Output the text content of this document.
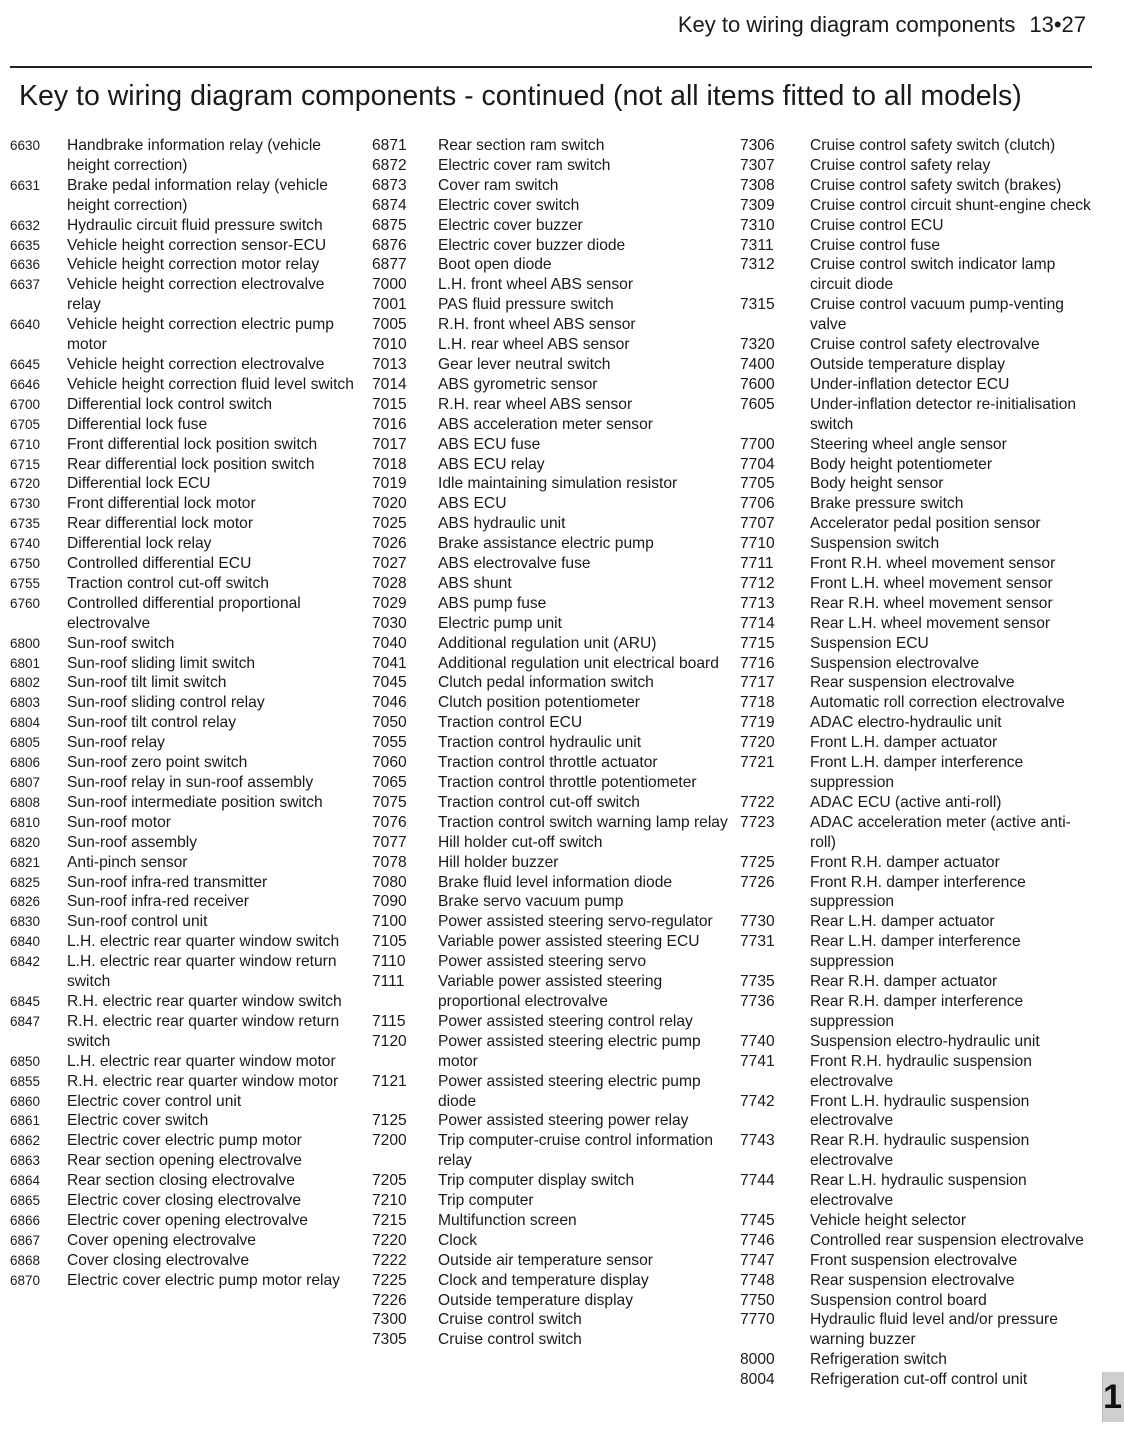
Key to wiring diagram components 13•27
Key to wiring diagram components - continued (not all items fitted to all models)
6630	Handbrake information relay (vehicle height correction)
6631	Brake pedal information relay (vehicle height correction)
6632	Hydraulic circuit fluid pressure switch
6635	Vehicle height correction sensor-ECU
6636	Vehicle height correction motor relay
6637	Vehicle height correction electrovalve relay
6640	Vehicle height correction electric pump motor
6645	Vehicle height correction electrovalve
6646	Vehicle height correction fluid level switch
6700	Differential lock control switch
6705	Differential lock fuse
6710	Front differential lock position switch
6715	Rear differential lock position switch
6720	Differential lock ECU
6730	Front differential lock motor
6735	Rear differential lock motor
6740	Differential lock relay
6750	Controlled differential ECU
6755	Traction control cut-off switch
6760	Controlled differential proportional electrovalve
6800	Sun-roof switch
6801	Sun-roof sliding limit switch
6802	Sun-roof tilt limit switch
6803	Sun-roof sliding control relay
6804	Sun-roof tilt control relay
6805	Sun-roof relay
6806	Sun-roof zero point switch
6807	Sun-roof relay in sun-roof assembly
6808	Sun-roof intermediate position switch
6810	Sun-roof motor
6820	Sun-roof assembly
6821	Anti-pinch sensor
6825	Sun-roof infra-red transmitter
6826	Sun-roof infra-red receiver
6830	Sun-roof control unit
6840	L.H. electric rear quarter window switch
6842	L.H. electric rear quarter window return switch
6845	R.H. electric rear quarter window switch
6847	R.H. electric rear quarter window return switch
6850	L.H. electric rear quarter window motor
6855	R.H. electric rear quarter window motor
6860	Electric cover control unit
6861	Electric cover switch
6862	Electric cover electric pump motor
6863	Rear section opening electrovalve
6864	Rear section closing electrovalve
6865	Electric cover closing electrovalve
6866	Electric cover opening electrovalve
6867	Cover opening electrovalve
6868	Cover closing electrovalve
6870	Electric cover electric pump motor relay
6871	Rear section ram switch
6872	Electric cover ram switch
6873	Cover ram switch
6874	Electric cover switch
6875	Electric cover buzzer
6876	Electric cover buzzer diode
6877	Boot open diode
7000	L.H. front wheel ABS sensor
7001	PAS fluid pressure switch
7005	R.H. front wheel ABS sensor
7010	L.H. rear wheel ABS sensor
7013	Gear lever neutral switch
7014	ABS gyrometric sensor
7015	R.H. rear wheel ABS sensor
7016	ABS acceleration meter sensor
7017	ABS ECU fuse
7018	ABS ECU relay
7019	Idle maintaining simulation resistor
7020	ABS ECU
7025	ABS hydraulic unit
7026	Brake assistance electric pump
7027	ABS electrovalve fuse
7028	ABS shunt
7029	ABS pump fuse
7030	Electric pump unit
7040	Additional regulation unit (ARU)
7041	Additional regulation unit electrical board
7045	Clutch pedal information switch
7046	Clutch position potentiometer
7050	Traction control ECU
7055	Traction control hydraulic unit
7060	Traction control throttle actuator
7065	Traction control throttle potentiometer
7075	Traction control cut-off switch
7076	Traction control switch warning lamp relay
7077	Hill holder cut-off switch
7078	Hill holder buzzer
7080	Brake fluid level information diode
7090	Brake servo vacuum pump
7100	Power assisted steering servo-regulator
7105	Variable power assisted steering ECU
7110	Power assisted steering servo
7111	Variable power assisted steering proportional electrovalve
7115	Power assisted steering control relay
7120	Power assisted steering electric pump motor
7121	Power assisted steering electric pump diode
7125	Power assisted steering power relay
7200	Trip computer-cruise control information relay
7205	Trip computer display switch
7210	Trip computer
7215	Multifunction screen
7220	Clock
7222	Outside air temperature sensor
7225	Clock and temperature display
7226	Outside temperature display
7300	Cruise control switch
7305	Cruise control switch
7306	Cruise control safety switch (clutch)
7307	Cruise control safety relay
7308	Cruise control safety switch (brakes)
7309	Cruise control circuit shunt-engine check
7310	Cruise control ECU
7311	Cruise control fuse
7312	Cruise control switch indicator lamp circuit diode
7315	Cruise control vacuum pump-venting valve
7320	Cruise control safety electrovalve
7400	Outside temperature display
7600	Under-inflation detector ECU
7605	Under-inflation detector re-initialisation switch
7700	Steering wheel angle sensor
7704	Body height potentiometer
7705	Body height sensor
7706	Brake pressure switch
7707	Accelerator pedal position sensor
7710	Suspension switch
7711	Front R.H. wheel movement sensor
7712	Front L.H. wheel movement sensor
7713	Rear R.H. wheel movement sensor
7714	Rear L.H. wheel movement sensor
7715	Suspension ECU
7716	Suspension electrovalve
7717	Rear suspension electrovalve
7718	Automatic roll correction electrovalve
7719	ADAC electro-hydraulic unit
7720	Front L.H. damper actuator
7721	Front L.H. damper interference suppression
7722	ADAC ECU (active anti-roll)
7723	ADAC acceleration meter (active anti-roll)
7725	Front R.H. damper actuator
7726	Front R.H. damper interference suppression
7730	Rear L.H. damper actuator
7731	Rear L.H. damper interference suppression
7735	Rear R.H. damper actuator
7736	Rear R.H. damper interference suppression
7740	Suspension electro-hydraulic unit
7741	Front R.H. hydraulic suspension electrovalve
7742	Front L.H. hydraulic suspension electrovalve
7743	Rear R.H. hydraulic suspension electrovalve
7744	Rear L.H. hydraulic suspension electrovalve
7745	Vehicle height selector
7746	Controlled rear suspension electrovalve
7747	Front suspension electrovalve
7748	Rear suspension electrovalve
7750	Suspension control board
7770	Hydraulic fluid level and/or pressure warning buzzer
8000	Refrigeration switch
8004	Refrigeration cut-off control unit	1
